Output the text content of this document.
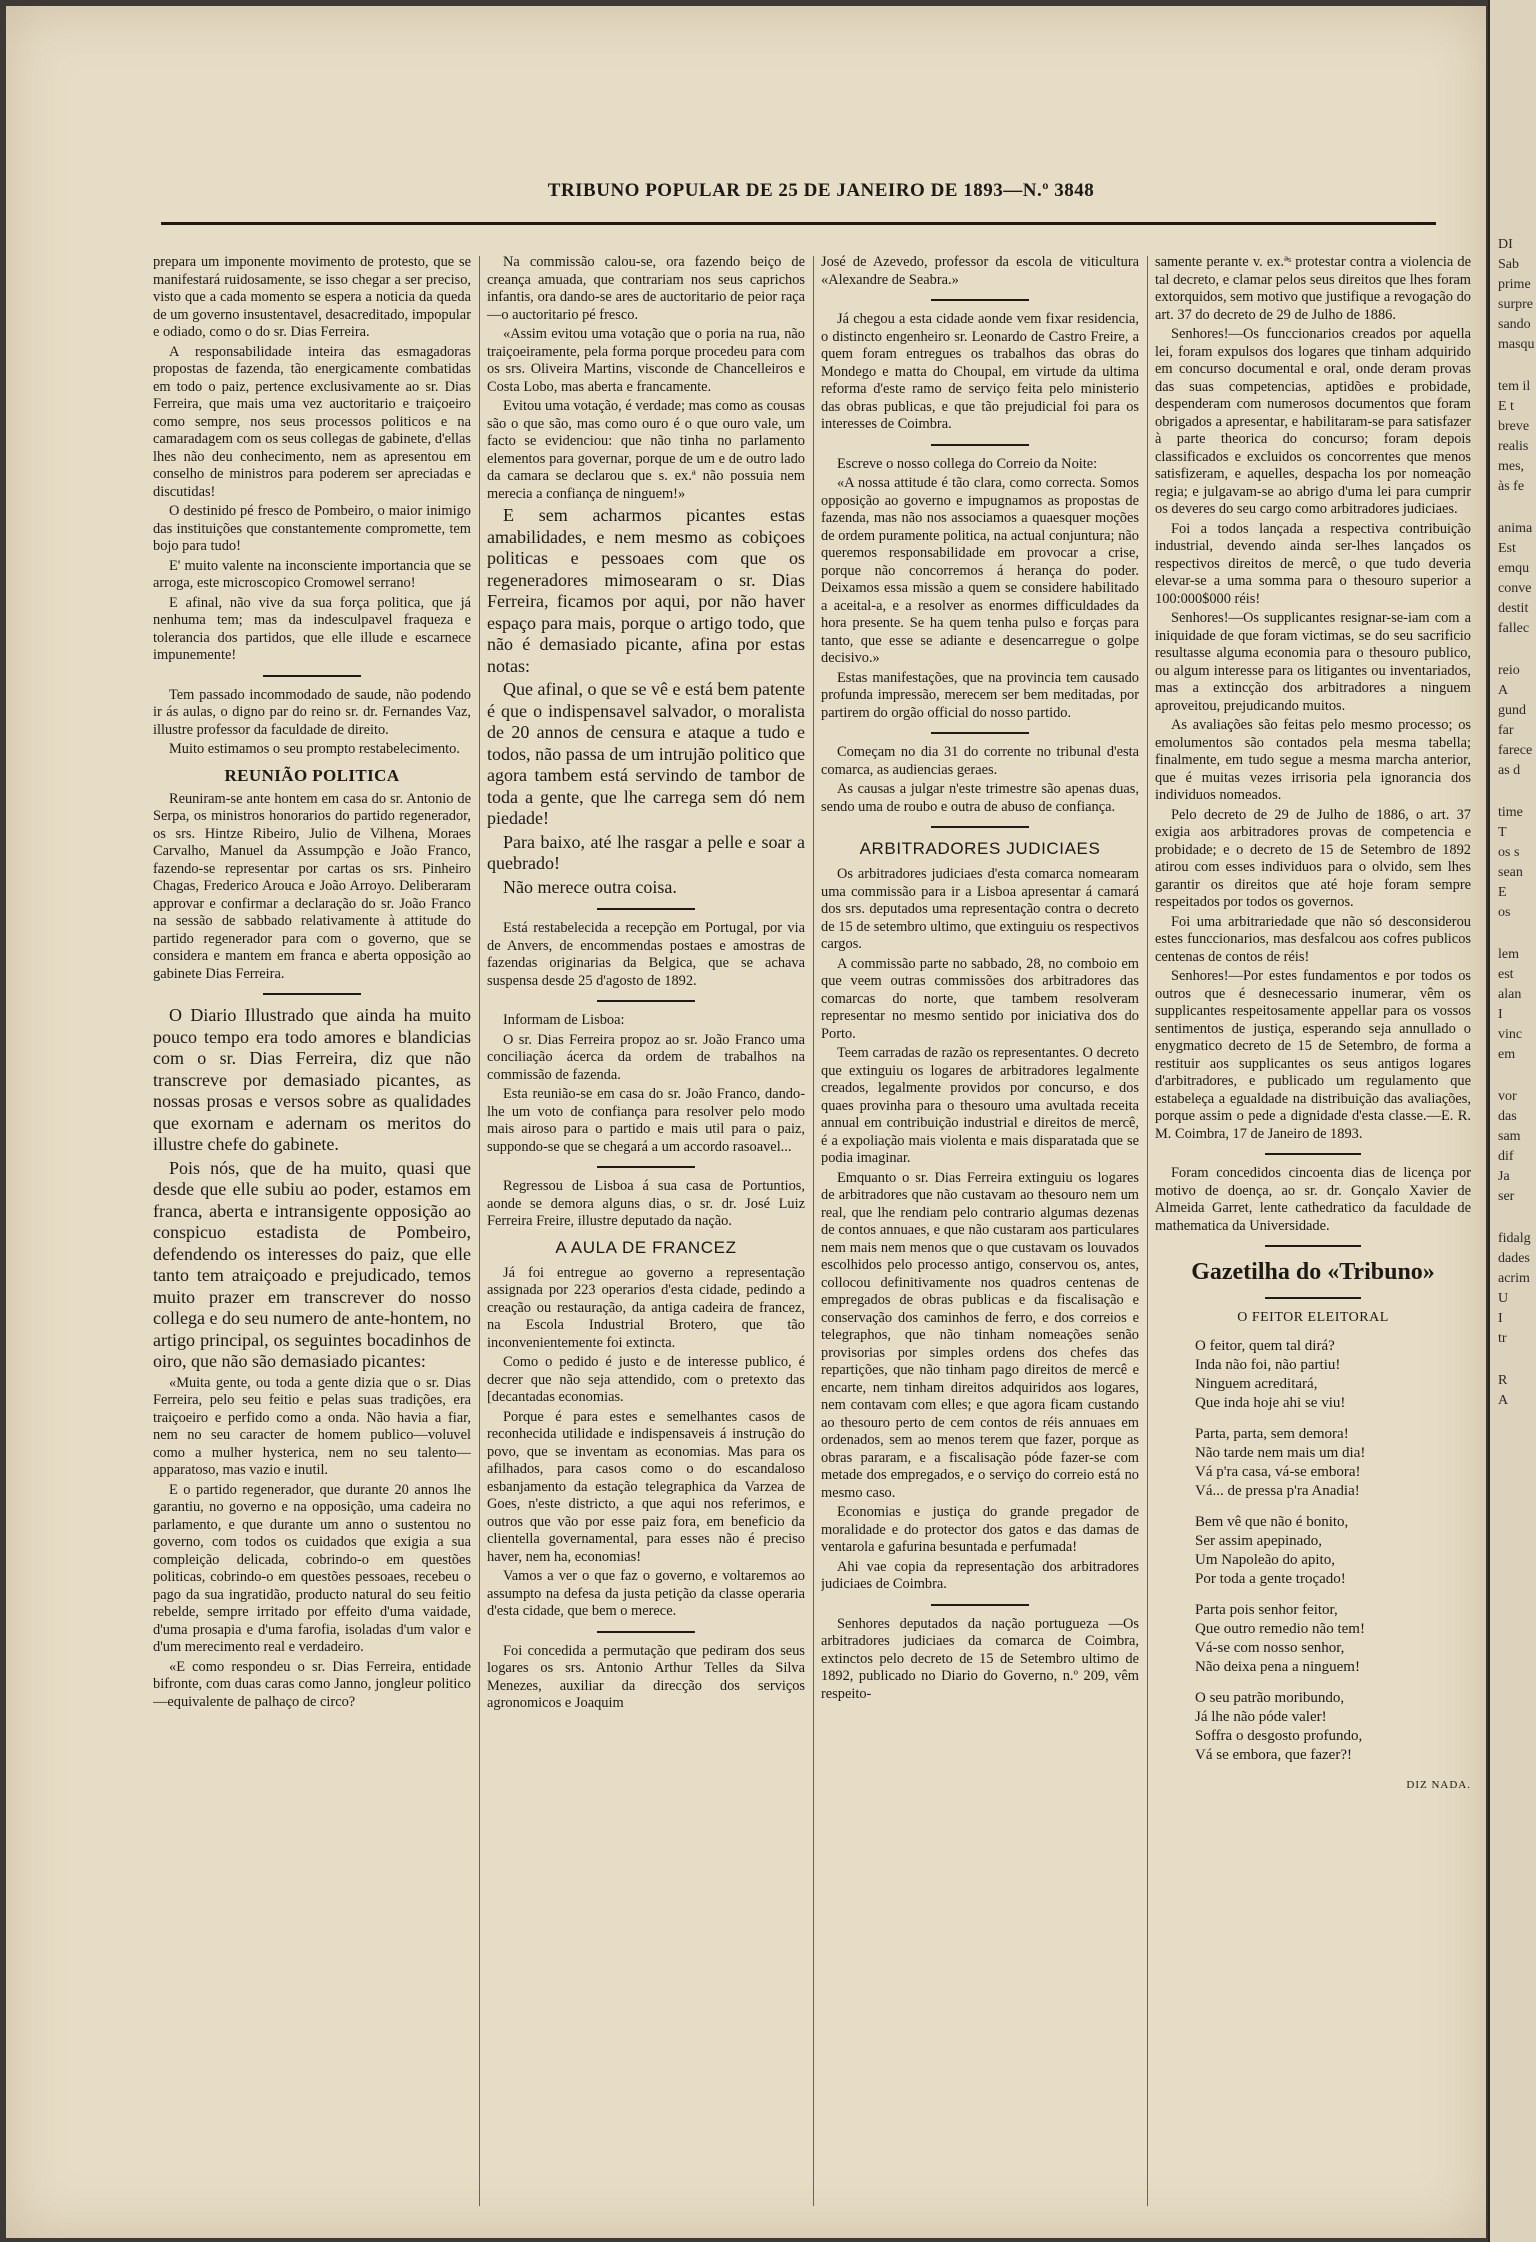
TRIBUNO POPULAR DE 25 DE JANEIRO DE 1893—N.º 3848

prepara um imponente movimento de protesto, que se manifestará ruidosamente, se isso chegar a ser preciso, visto que a cada momento se espera a noticia da queda de um governo insustentavel, desacreditado, impopular e odiado, como o do sr. Dias Ferreira.

A responsabilidade inteira das esmagadoras propostas de fazenda, tão energicamente combatidas em todo o paiz, pertence exclusivamente ao sr. Dias Ferreira, que mais uma vez auctoritario e traiçoeiro como sempre, nos seus processos politicos e na camaradagem com os seus collegas de gabinete, d'ellas lhes não deu conhecimento, nem as apresentou em conselho de ministros para poderem ser apreciadas e discutidas!

O destinido pé fresco de Pombeiro, o maior inimigo das instituições que constantemente compromette, tem bojo para tudo!

E' muito valente na inconsciente importancia que se arroga, este microscopico Cromowel serrano!

E afinal, não vive da sua força politica, que já nenhuma tem; mas da indesculpavel fraqueza e tolerancia dos partidos, que elle illude e escarnece impunemente!

Tem passado incommodado de saude, não podendo ir ás aulas, o digno par do reino sr. dr. Fernandes Vaz, illustre professor da faculdade de direito.

Muito estimamos o seu prompto restabelecimento.

REUNIÃO POLITICA

Reuniram-se ante hontem em casa do sr. Antonio de Serpa, os ministros honorarios do partido regenerador, os srs. Hintze Ribeiro, Julio de Vilhena, Moraes Carvalho, Manuel da Assumpção e João Franco, fazendo-se representar por cartas os srs. Pinheiro Chagas, Frederico Arouca e João Arroyo. Deliberaram approvar e confirmar a declaração do sr. João Franco na sessão de sabbado relativamente à attitude do partido regenerador para com o governo, que se considera e mantem em franca e aberta opposição ao gabinete Dias Ferreira.

O Diario Illustrado que ainda ha muito pouco tempo era todo amores e blandicias com o sr. Dias Ferreira, diz que não transcreve por demasiado picantes, as nossas prosas e versos sobre as qualidades que exornam e adernam os meritos do illustre chefe do gabinete.

Pois nós, que de ha muito, quasi que desde que elle subiu ao poder, estamos em franca, aberta e intransigente opposição ao conspicuo estadista de Pombeiro, defendendo os interesses do paiz, que elle tanto tem atraiçoado e prejudicado, temos muito prazer em transcrever do nosso collega e do seu numero de ante-hontem, no artigo principal, os seguintes bocadinhos de oiro, que não são demasiado picantes:

«Muita gente, ou toda a gente dizia que o sr. Dias Ferreira, pelo seu feitio e pelas suas tradições, era traiçoeiro e perfido como a onda. Não havia a fiar, nem no seu caracter de homem publico—voluvel como a mulher hysterica, nem no seu talento—apparatoso, mas vazio e inutil.

E o partido regenerador, que durante 20 annos lhe garantiu, no governo e na opposição, uma cadeira no parlamento, e que durante um anno o sustentou no governo, com todos os cuidados que exigia a sua compleição delicada, cobrindo-o em questões politicas, cobrindo-o em questões pessoaes, recebeu o pago da sua ingratidão, producto natural do seu feitio rebelde, sempre irritado por effeito d'uma vaidade, d'uma prosapia e d'uma farofia, isoladas d'um valor e d'um merecimento real e verdadeiro.

«E como respondeu o sr. Dias Ferreira, entidade bifronte, com duas caras como Janno, jongleur politico—equivalente de palhaço de circo?

Na commissão calou-se, ora fazendo beiço de creança amuada, que contrariam nos seus caprichos infantis, ora dando-se ares de auctoritario de peior raça—o auctoritario pé fresco.

«Assim evitou uma votação que o poria na rua, não traiçoeiramente, pela forma porque procedeu para com os srs. Oliveira Martins, visconde de Chancelleiros e Costa Lobo, mas aberta e francamente.

Evitou uma votação, é verdade; mas como as cousas são o que são, mas como ouro é o que ouro vale, um facto se evidenciou: que não tinha no parlamento elementos para governar, porque de um e de outro lado da camara se declarou que s. ex.ª não possuia nem merecia a confiança de ninguem!»

E sem acharmos picantes estas amabilidades, e nem mesmo as cobiçoes politicas e pessoaes com que os regeneradores mimosearam o sr. Dias Ferreira, ficamos por aqui, por não haver espaço para mais, porque o artigo todo, que não é demasiado picante, afina por estas notas:

Que afinal, o que se vê e está bem patente é que o indispensavel salvador, o moralista de 20 annos de censura e ataque a tudo e todos, não passa de um intrujão politico que agora tambem está servindo de tambor de toda a gente, que lhe carrega sem dó nem piedade!

Para baixo, até lhe rasgar a pelle e soar a quebrado!

Não merece outra coisa.

Está restabelecida a recepção em Portugal, por via de Anvers, de encommendas postaes e amostras de fazendas originarias da Belgica, que se achava suspensa desde 25 d'agosto de 1892.

Informam de Lisboa:

O sr. Dias Ferreira propoz ao sr. João Franco uma conciliação ácerca da ordem de trabalhos na commissão de fazenda.

Esta reunião-se em casa do sr. João Franco, dando-lhe um voto de confiança para resolver pelo modo mais airoso para o partido e mais util para o paiz, suppondo-se que se chegará a um accordo rasoavel...

Regressou de Lisboa á sua casa de Portuntios, aonde se demora alguns dias, o sr. dr. José Luiz Ferreira Freire, illustre deputado da nação.

A AULA DE FRANCEZ

Já foi entregue ao governo a representação assignada por 223 operarios d'esta cidade, pedindo a creação ou restauração, da antiga cadeira de francez, na Escola Industrial Brotero, que tão inconvenientemente foi extincta.

Como o pedido é justo e de interesse publico, é decrer que não seja attendido, com o pretexto das [decantadas economias.

Porque é para estes e semelhantes casos de reconhecida utilidade e indispensaveis á instrução do povo, que se inventam as economias. Mas para os afilhados, para casos como o do escandaloso esbanjamento da estação telegraphica da Varzea de Goes, n'este districto, a que aqui nos referimos, e outros que vão por esse paiz fora, em beneficio da clientella governamental, para esses não é preciso haver, nem ha, economias!

Vamos a ver o que faz o governo, e voltaremos ao assumpto na defesa da justa petição da classe operaria d'esta cidade, que bem o merece.

Foi concedida a permutação que pediram dos seus logares os srs. Antonio Arthur Telles da Silva Menezes, auxiliar da direcção dos serviços agronomicos e Joaquim

José de Azevedo, professor da escola de viticultura «Alexandre de Seabra.»

Já chegou a esta cidade aonde vem fixar residencia, o distincto engenheiro sr. Leonardo de Castro Freire, a quem foram entregues os trabalhos das obras do Mondego e matta do Choupal, em virtude da ultima reforma d'este ramo de serviço feita pelo ministerio das obras publicas, e que tão prejudicial foi para os interesses de Coimbra.

Escreve o nosso collega do Correio da Noite:

«A nossa attitude é tão clara, como correcta. Somos opposição ao governo e impugnamos as propostas de fazenda, mas não nos associamos a quaesquer moções de ordem puramente politica, na actual conjuntura; não queremos responsabilidade em provocar a crise, porque não concorremos á herança do poder. Deixamos essa missão a quem se considere habilitado a aceital-a, e a resolver as enormes difficuldades da hora presente. Se ha quem tenha pulso e forças para tanto, que esse se adiante e desencarregue o golpe decisivo.»

Estas manifestações, que na provincia tem causado profunda impressão, merecem ser bem meditadas, por partirem do orgão official do nosso partido.

Começam no dia 31 do corrente no tribunal d'esta comarca, as audiencias geraes.

As causas a julgar n'este trimestre são apenas duas, sendo uma de roubo e outra de abuso de confiança.

ARBITRADORES JUDICIAES

Os arbitradores judiciaes d'esta comarca nomearam uma commissão para ir a Lisboa apresentar á camará dos srs. deputados uma representação contra o decreto de 15 de setembro ultimo, que extinguiu os respectivos cargos.

A commissão parte no sabbado, 28, no comboio em que veem outras commissões dos arbitradores das comarcas do norte, que tambem resolveram representar no mesmo sentido por iniciativa dos do Porto.

Teem carradas de razão os representantes. O decreto que extinguiu os logares de arbitradores legalmente creados, legalmente providos por concurso, e dos quaes provinha para o thesouro uma avultada receita annual em contribuição industrial e direitos de mercê, é a expoliação mais violenta e mais disparatada que se podia imaginar.

Emquanto o sr. Dias Ferreira extinguiu os logares de arbitradores que não custavam ao thesouro nem um real, que lhe rendiam pelo contrario algumas dezenas de contos annuaes, e que não custaram aos particulares nem mais nem menos que o que custavam os louvados escolhidos pelo processo antigo, conservou os, antes, collocou definitivamente nos quadros centenas de empregados de obras publicas e da fiscalisação e conservação dos caminhos de ferro, e dos correios e telegraphos, que não tinham nomeações senão provisorias por simples ordens dos chefes das repartições, que não tinham pago direitos de mercê e encarte, nem tinham direitos adquiridos aos logares, nem contavam com elles; e que agora ficam custando ao thesouro perto de cem contos de réis annuaes em ordenados, sem ao menos terem que fazer, porque as obras pararam, e a fiscalisação póde fazer-se com metade dos empregados, e o serviço do correio está no mesmo caso.

Economias e justiça do grande pregador de moralidade e do protector dos gatos e das damas de ventarola e gafurina besuntada e perfumada!

Ahi vae copia da representação dos arbitradores judiciaes de Coimbra.

Senhores deputados da nação portugueza —Os arbitradores judiciaes da comarca de Coimbra, extinctos pelo decreto de 15 de Setembro ultimo de 1892, publicado no Diario do Governo, n.º 209, vêm respeito-

samente perante v. ex.ªˢ protestar contra a violencia de tal decreto, e clamar pelos seus direitos que lhes foram extorquidos, sem motivo que justifique a revogação do art. 37 do decreto de 29 de Julho de 1886.

Senhores!—Os funccionarios creados por aquella lei, foram expulsos dos logares que tinham adquirido em concurso documental e oral, onde deram provas das suas competencias, aptidões e probidade, despenderam com numerosos documentos que foram obrigados a apresentar, e habilitaram-se para satisfazer à parte theorica do concurso; foram depois classificados e excluidos os concorrentes que menos satisfizeram, e aquelles, despacha los por nomeação regia; e julgavam-se ao abrigo d'uma lei para cumprir os deveres do seu cargo como arbitradores judiciaes.

Foi a todos lançada a respectiva contribuição industrial, devendo ainda ser-lhes lançados os respectivos direitos de mercê, o que tudo deveria elevar-se a uma somma para o thesouro superior a 100:000$000 réis!

Senhores!—Os supplicantes resignar-se-iam com a iniquidade de que foram victimas, se do seu sacrificio resultasse alguma economia para o thesouro publico, ou algum interesse para os litigantes ou inventariados, mas a extincção dos arbitradores a ninguem aproveitou, prejudicando muitos.

As avaliações são feitas pelo mesmo processo; os emolumentos são contados pela mesma tabella; finalmente, em tudo segue a mesma marcha anterior, que é muitas vezes irrisoria pela ignorancia dos individuos nomeados.

Pelo decreto de 29 de Julho de 1886, o art. 37 exigia aos arbitradores provas de competencia e probidade; e o decreto de 15 de Setembro de 1892 atirou com esses individuos para o olvido, sem lhes garantir os direitos que até hoje foram sempre respeitados por todos os governos.

Foi uma arbitrariedade que não só desconsiderou estes funccionarios, mas desfalcou aos cofres publicos centenas de contos de réis!

Senhores!—Por estes fundamentos e por todos os outros que é desnecessario inumerar, vêm os supplicantes respeitosamente appellar para os vossos sentimentos de justiça, esperando seja annullado o enygmatico decreto de 15 de Setembro, de forma a restituir aos supplicantes os seus antigos logares d'arbitradores, e publicado um regulamento que estabeleça a egualdade na distribuição das avaliações, porque assim o pede a dignidade d'esta classe.—E. R. M. Coimbra, 17 de Janeiro de 1893.

Foram concedidos cincoenta dias de licença por motivo de doença, ao sr. dr. Gonçalo Xavier de Almeida Garret, lente cathedratico da faculdade de mathematica da Universidade.

Gazetilha do «Tribuno»
O FEITOR ELEITORAL
O feitor, quem tal dirá?
Inda não foi, não partiu!
Ninguem acreditará,
Que inda hoje ahi se viu!
Parta, parta, sem demora!
Não tarde nem mais um dia!
Vá p'ra casa, vá-se embora!
Vá... de pressa p'ra Anadia!
Bem vê que não é bonito,
Ser assim apepinado,
Um Napoleão do apito,
Por toda a gente troçado!
Parta pois senhor feitor,
Que outro remedio não tem!
Vá-se com nosso senhor,
Não deixa pena a ninguem!
O seu patrão moribundo,
Já lhe não póde valer!
Soffra o desgosto profundo,
Vá se embora, que fazer?!
DIZ NADA.
DI
Sab
prime
surpre
sando
masqu
tem il
E t
breve
realis
mes,
às fe
anima
Est
emqu
conve
destit
fallec
reio
A
gund
far
farece
as d
time
T
os s
sean
E
os
lem
est
alan
I
vinc
em
vor
das
sam
dif
Ja
ser
fidalg
dades
acrim
U
I
tr
R
A
